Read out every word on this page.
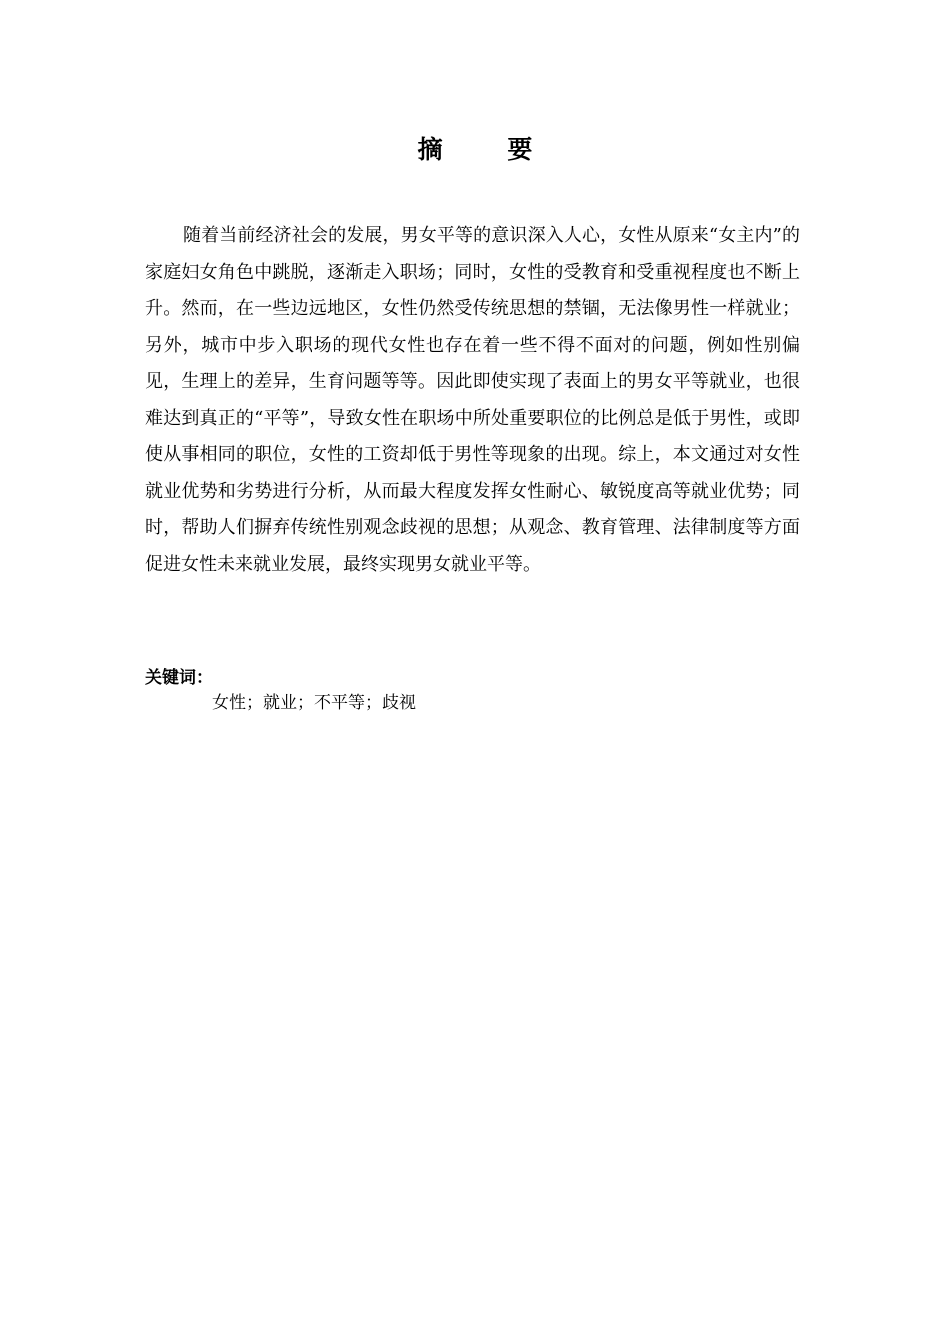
摘 要

随着当前经济社会的发展，男女平等的意识深入人心，女性从原来“女主内”的家庭妇女角色中跳脱，逐渐走入职场；同时，女性的受教育和受重视程度也不断上升。然而，在一些边远地区，女性仍然受传统思想的禁锢，无法像男性一样就业；另外，城市中步入职场的现代女性也存在着一些不得不面对的问题，例如性别偏见，生理上的差异，生育问题等等。因此即使实现了表面上的男女平等就业，也很难达到真正的“平等”，导致女性在职场中所处重要职位的比例总是低于男性，或即使从事相同的职位，女性的工资却低于男性等现象的出现。综上，本文通过对女性就业优势和劣势进行分析，从而最大程度发挥女性耐心、敏锐度高等就业优势；同时，帮助人们摒弃传统性别观念歧视的思想；从观念、教育管理、法律制度等方面促进女性未来就业发展，最终实现男女就业平等。

关键词：
女性；就业；不平等；歧视
